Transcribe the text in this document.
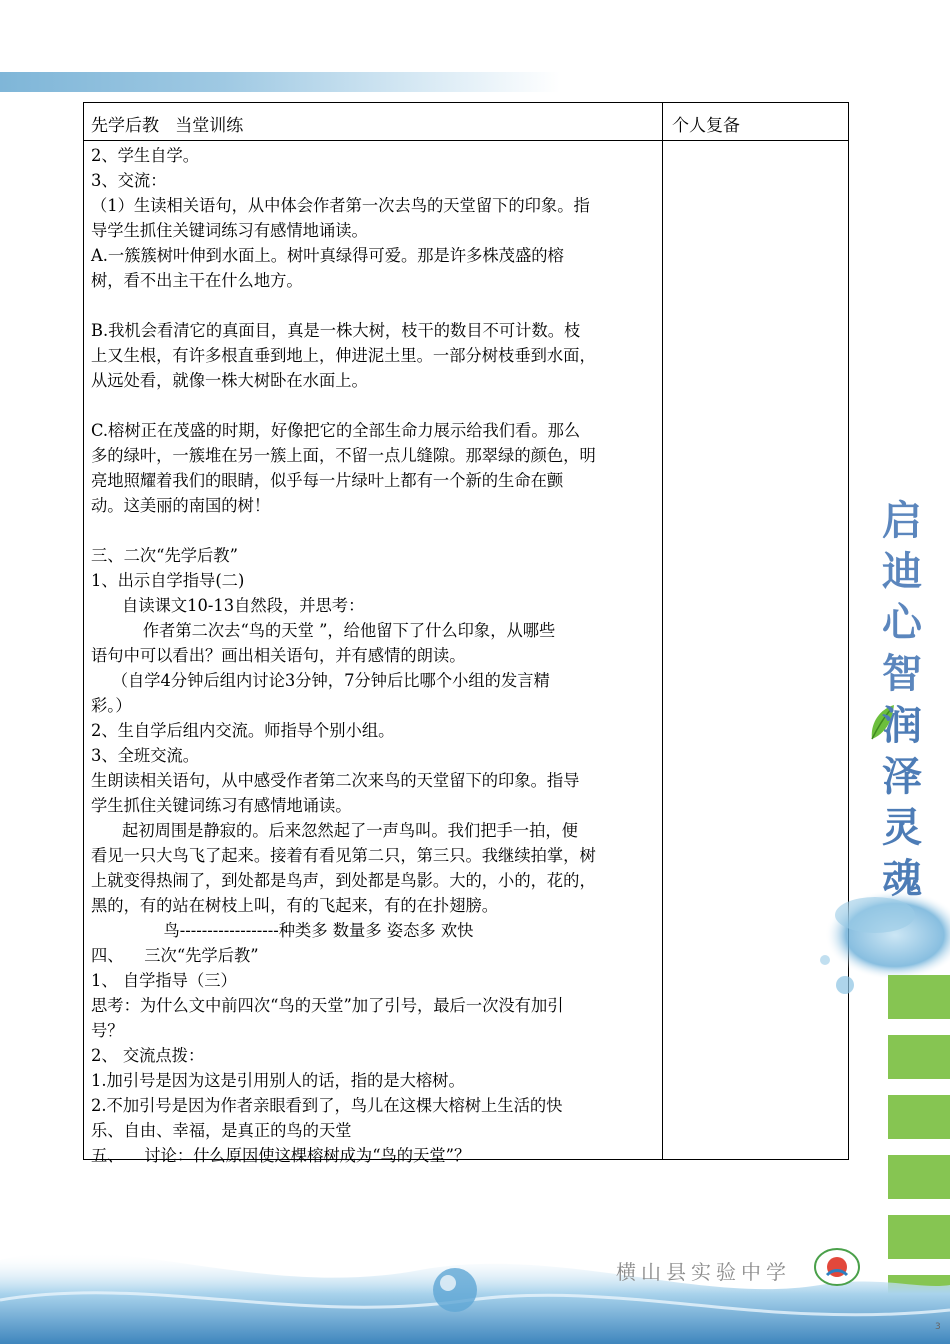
先学后教   当堂训练	个人复备
2、学生自学。
3、交流：
（1）生读相关语句，从中体会作者第一次去鸟的天堂留下的印象。指
导学生抓住关键词练习有感情地诵读。
A.一簇簇树叶伸到水面上。树叶真绿得可爱。那是许多株茂盛的榕
树，看不出主干在什么地方。
B.我机会看清它的真面目，真是一株大树，枝干的数目不可计数。枝
上又生根，有许多根直垂到地上，伸进泥土里。一部分树枝垂到水面，
从远处看，就像一株大树卧在水面上。
C.榕树正在茂盛的时期，好像把它的全部生命力展示给我们看。那么
多的绿叶，一簇堆在另一簇上面，不留一点儿缝隙。那翠绿的颜色，明
亮地照耀着我们的眼睛，似乎每一片绿叶上都有一个新的生命在颤
动。这美丽的南国的树！
三、二次“先学后教”
1、出示自学指导(二)
自读课文10-13自然段，并思考：
作者第二次去“鸟的天堂 ”，给他留下了什么印象，从哪些
语句中可以看出？画出相关语句，并有感情的朗读。
（自学4分钟后组内讨论3分钟，7分钟后比哪个小组的发言精
彩。）
2、生自学后组内交流。师指导个别小组。
3、全班交流。
生朗读相关语句，从中感受作者第二次来鸟的天堂留下的印象。指导
学生抓住关键词练习有感情地诵读。
起初周围是静寂的。后来忽然起了一声鸟叫。我们把手一拍，便
看见一只大鸟飞了起来。接着有看见第二只，第三只。我继续拍掌，树
上就变得热闹了，到处都是鸟声，到处都是鸟影。大的，小的，花的，
黑的，有的站在树枝上叫，有的飞起来，有的在扑翅膀。
鸟------------------种类多 数量多 姿态多 欢快
四、    三次“先学后教”
1、 自学指导（三）
思考：为什么文中前四次“鸟的天堂”加了引号，最后一次没有加引
号？
2、 交流点拨：
1.加引号是因为这是引用别人的话，指的是大榕树。
2.不加引号是因为作者亲眼看到了，鸟儿在这棵大榕树上生活的快
乐、自由、幸福，是真正的鸟的天堂
五、    讨论：什么原因使这棵榕树成为“鸟的天堂”？
启
迪
心
智
润
泽
灵
魂
横山县实验中学
3
